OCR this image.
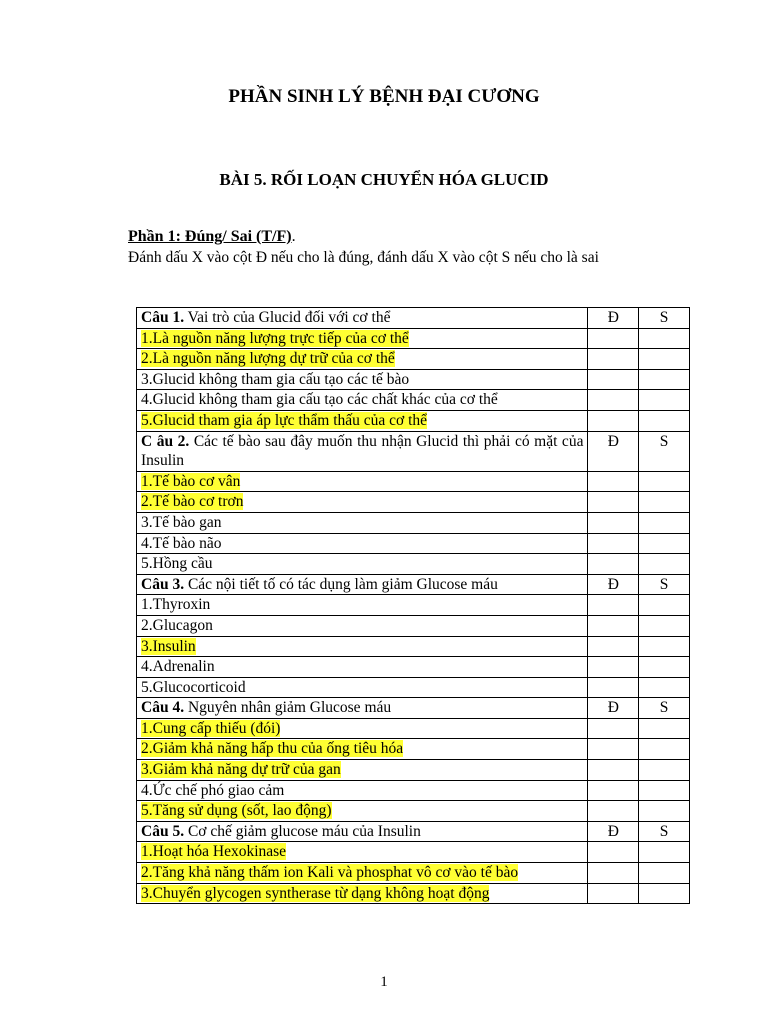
PHẦN SINH LÝ BỆNH ĐẠI CƯƠNG
BÀI 5. RỐI LOẠN CHUYỂN HÓA GLUCID
Phần 1: Đúng/ Sai (T/F).
Đánh dấu X vào cột Đ nếu cho là đúng, đánh dấu X vào cột S nếu cho là sai
Câu 1. Vai trò của Glucid đối với cơ thể	Đ	S
1.Là nguồn năng lượng trực tiếp của cơ thể		
2.Là nguồn năng lượng dự trữ của cơ thể		
3.Glucid không tham gia cấu tạo các tế bào		
4.Glucid không tham gia cấu tạo các chất khác của cơ thể		
5.Glucid tham gia áp lực thẩm thấu của cơ thể		
C âu 2. Các tế bào sau đây muốn thu nhận Glucid thì phải có mặt của Insulin	Đ	S
1.Tế bào cơ vân		
2.Tế bào cơ trơn		
3.Tế bào gan		
4.Tế bào não		
5.Hồng cầu		
Câu 3. Các nội tiết tố có tác dụng làm giảm Glucose máu	Đ	S
1.Thyroxin		
2.Glucagon		
3.Insulin		
4.Adrenalin		
5.Glucocorticoid		
Câu 4. Nguyên nhân giảm Glucose máu	Đ	S
1.Cung cấp thiếu (đói)		
2.Giảm khả năng hấp thu của ống tiêu hóa		
3.Giảm khả năng dự trữ của gan		
4.Ức chế phó giao cảm		
5.Tăng sử dụng (sốt, lao động)		
Câu 5. Cơ chế giảm glucose máu của Insulin	Đ	S
1.Hoạt hóa Hexokinase		
2.Tăng khả năng thấm ion Kali và phosphat vô cơ vào tế bào		
3.Chuyển glycogen syntherase từ dạng không hoạt động		
1
